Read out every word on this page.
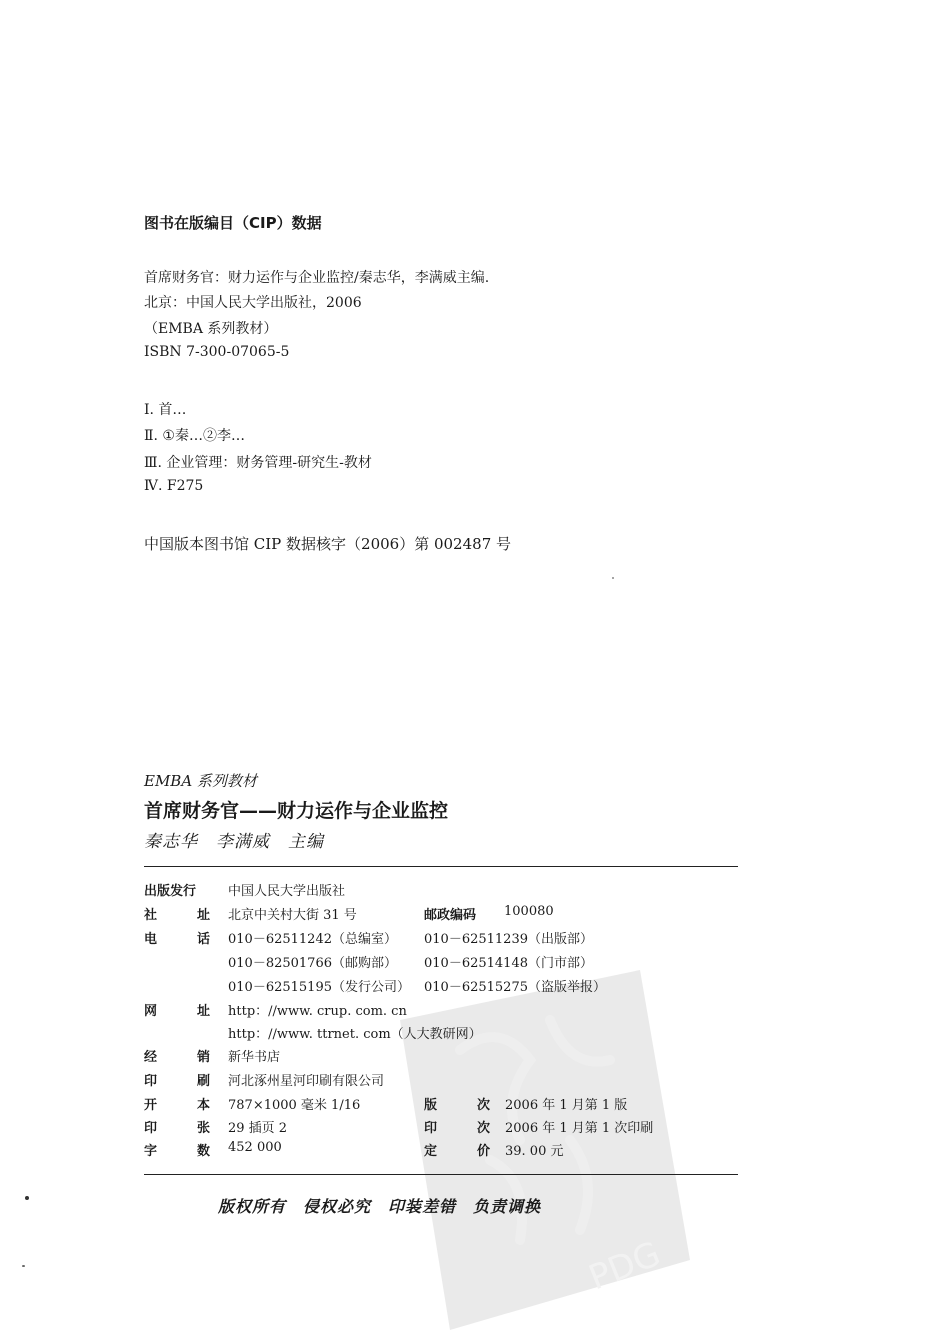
图书在版编目（CIP）数据
首席财务官：财力运作与企业监控/秦志华，李满威主编.
北京：中国人民大学出版社，2006
（EMBA 系列教材）
ISBN 7-300-07065-5
Ⅰ. 首…
Ⅱ. ①秦…②李…
Ⅲ. 企业管理：财务管理-研究生-教材
Ⅳ. F275
中国版本图书馆 CIP 数据核字（2006）第 002487 号
EMBA 系列教材
首席财务官——财力运作与企业监控
秦志华　李满威　主编
PDG
出版发行 中国人民大学出版社
社	址 北京中关村大街 31 号	邮政编码 100080
电	话 010－62511242（总编室） 010－62511239（出版部）
010－82501766（邮购部） 010－62514148（门市部）
010－62515195（发行公司） 010－62515275（盗版举报）
网	址 http：//www. crup. com. cn
http：//www. ttrnet. com（人大教研网）
经	销 新华书店
印	刷 河北涿州星河印刷有限公司
开	本 787×1000 毫米 1/16	版	次 2006 年 1 月第 1 版
印	张 29 插页 2	印	次 2006 年 1 月第 1 次印刷
字	数 452 000	定	价 39. 00 元
版权所有　侵权必究　印装差错　负责调换
